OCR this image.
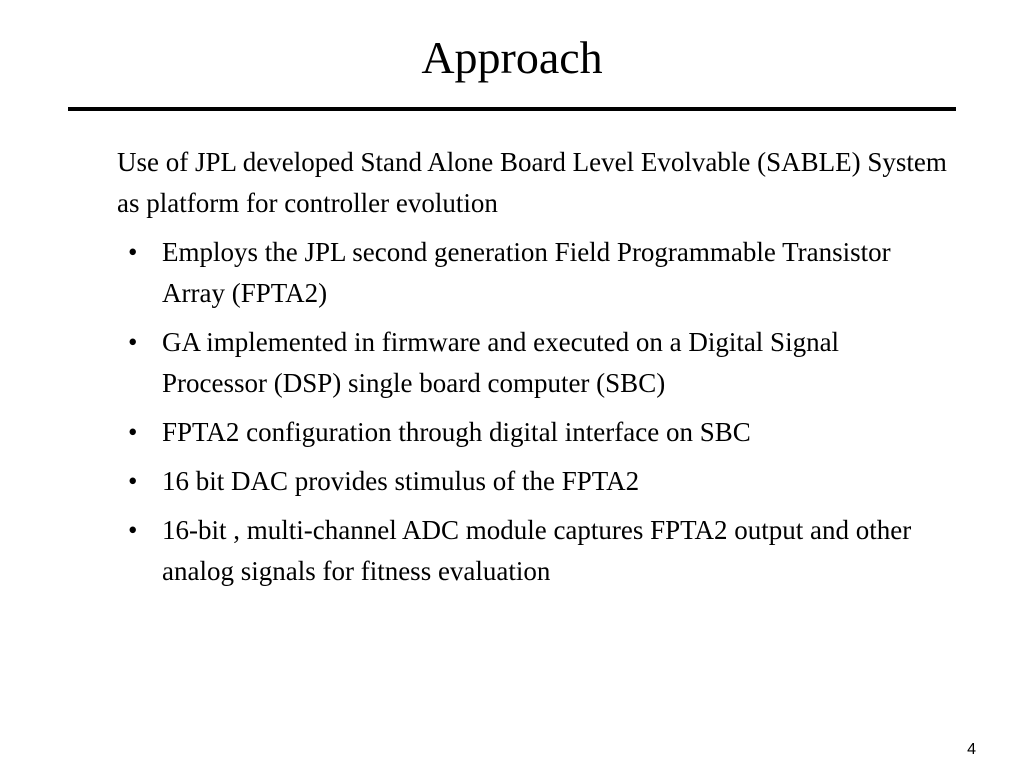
Approach

Use of JPL developed Stand Alone Board Level Evolvable (SABLE) System as platform for controller evolution

• Employs the JPL second generation Field Programmable Transistor Array (FPTA2)
• GA implemented in firmware and executed on a Digital Signal Processor (DSP) single board computer (SBC)
• FPTA2 configuration through digital interface on SBC
• 16 bit DAC provides stimulus of the FPTA2
• 16-bit , multi-channel ADC module captures FPTA2 output and other analog signals for fitness evaluation
4
